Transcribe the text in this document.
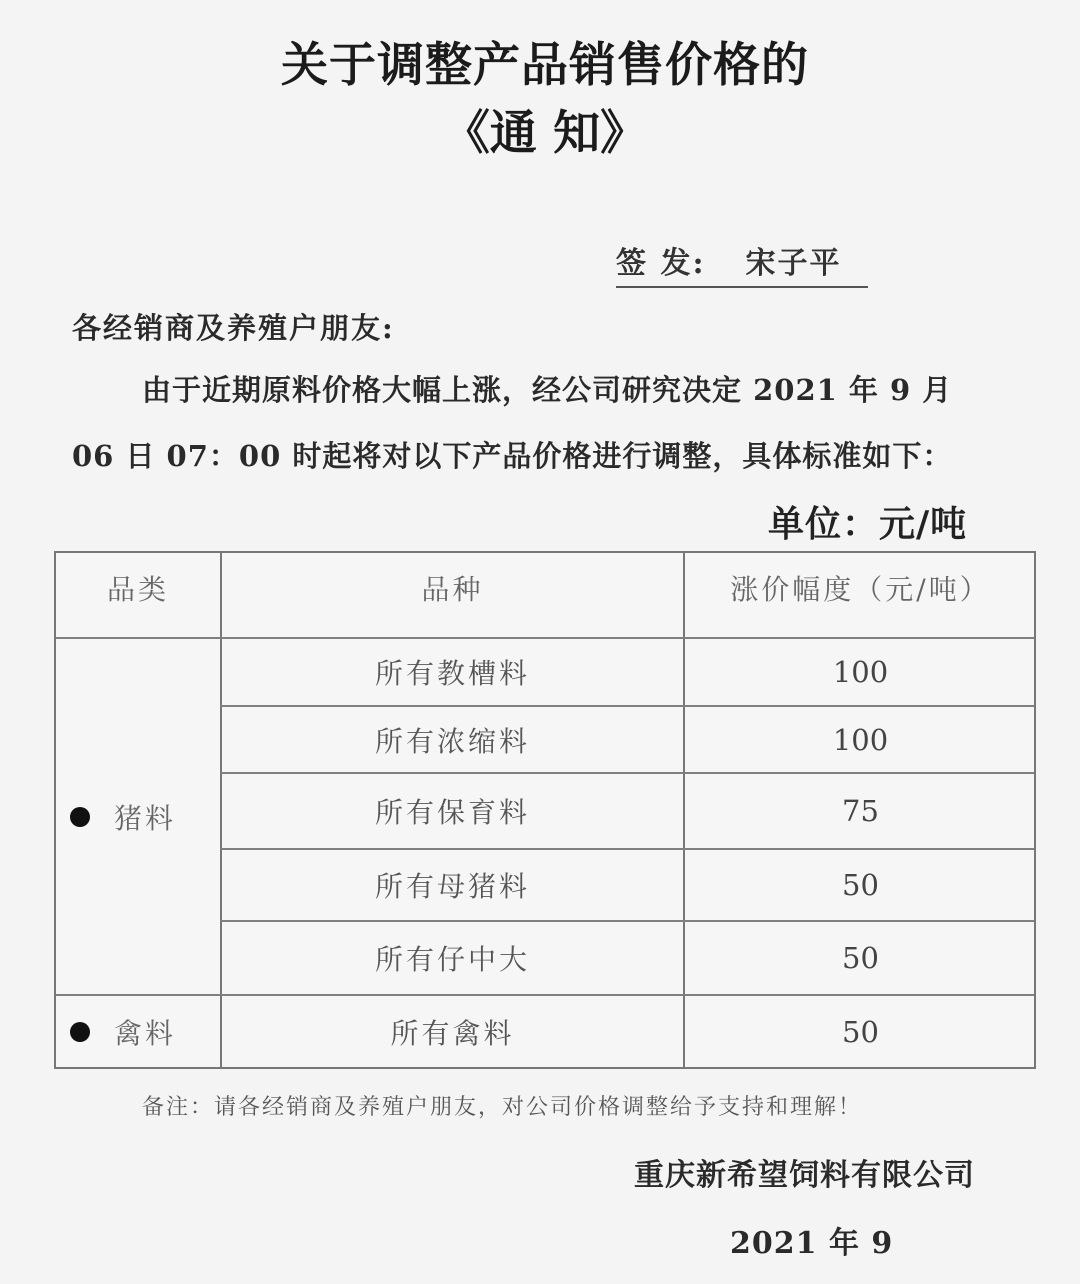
关于调整产品销售价格的
《通 知》
签 发: 宋子平
各经销商及养殖户朋友:
由于近期原料价格大幅上涨，经公司研究决定 2021 年 9 月
06 日 07：00 时起将对以下产品价格进行调整，具体标准如下：
单位：元/吨
品类	品种	涨价幅度（元/吨）
猪料
所有教槽料	100
所有浓缩料	100
所有保育料	75
所有母猪料	50
所有仔中大	50
禽料	所有禽料	50
备注：请各经销商及养殖户朋友，对公司价格调整给予支持和理解！
重庆新希望饲料有限公司
2021 年 9
